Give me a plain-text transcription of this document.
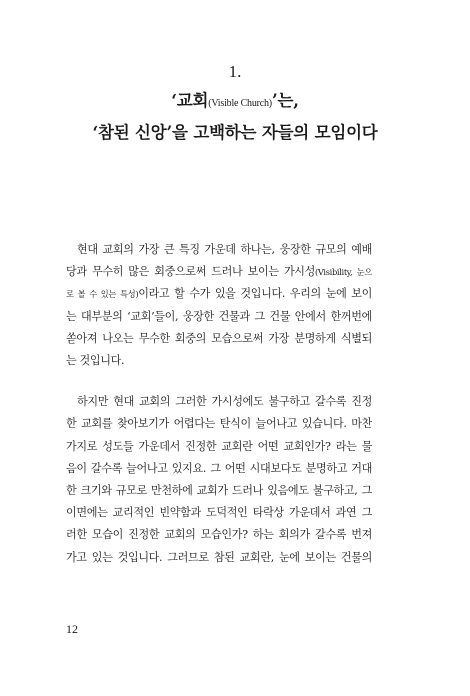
1.
‘교회(Visible Church)’는,
‘참된 신앙’을 고백하는 자들의 모임이다

현대 교회의 가장 큰 특징 가운데 하나는, 웅장한 규모의 예배
당과 무수히 많은 회중으로써 드러나 보이는 가시성(Visibility, 눈으
로 볼 수 있는 특성)이라고 할 수가 있을 것입니다. 우리의 눈에 보이
는 대부분의 ‘교회’들이, 웅장한 건물과 그 건물 안에서 한꺼번에
쏟아져 나오는 무수한 회중의 모습으로써 가장 분명하게 식별되
는 것입니다.

하지만 현대 교회의 그러한 가시성에도 불구하고 갈수록 진정
한 교회를 찾아보기가 어렵다는 탄식이 늘어나고 있습니다. 마찬
가지로 성도들 가운데서 진정한 교회란 어떤 교회인가? 라는 물
음이 갈수록 늘어나고 있지요. 그 어떤 시대보다도 분명하고 거대
한 크기와 규모로 만천하에 교회가 드러나 있음에도 불구하고, 그
이면에는 교리적인 빈약함과 도덕적인 타락상 가운데서 과연 그
러한 모습이 진정한 교회의 모습인가? 하는 회의가 갈수록 번져
가고 있는 것입니다. 그러므로 참된 교회란, 눈에 보이는 건물의

12
